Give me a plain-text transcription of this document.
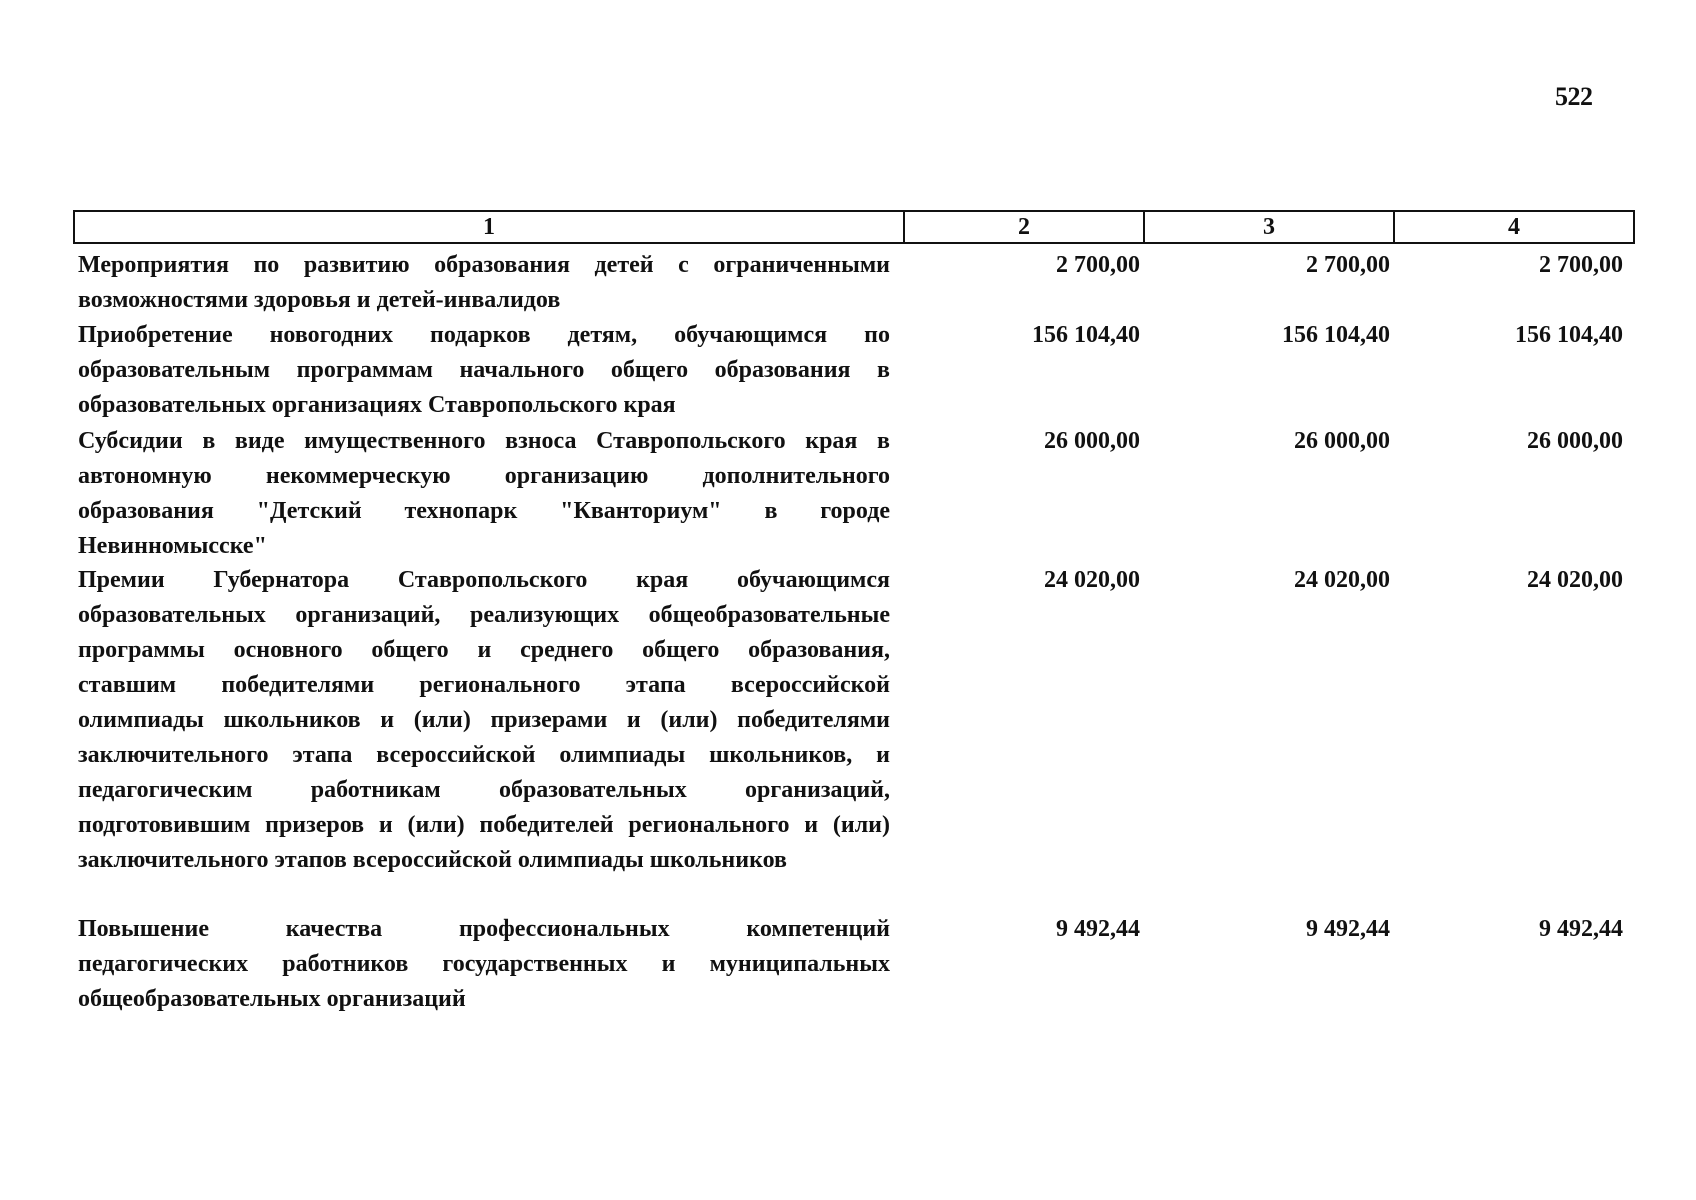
522
1	2	3	4
Мероприятия по развитию образования детей с ограниченными
возможностями здоровья и детей-инвалидов
2 700,00	2 700,00	2 700,00
Приобретение новогодних подарков детям, обучающимся по
образовательным программам начального общего образования в
образовательных организациях Ставропольского края
156 104,40	156 104,40	156 104,40
Субсидии в виде имущественного взноса Ставропольского края в
автономную некоммерческую организацию дополнительного
образования "Детский технопарк "Кванториум" в городе
Невинномысске"
26 000,00	26 000,00	26 000,00
Премии Губернатора Ставропольского края обучающимся
образовательных организаций, реализующих общеобразовательные
программы основного общего и среднего общего образования,
ставшим победителями регионального этапа всероссийской
олимпиады школьников и (или) призерами и (или) победителями
заключительного этапа всероссийской олимпиады школьников, и
педагогическим работникам образовательных организаций,
подготовившим призеров и (или) победителей регионального и (или)
заключительного этапов всероссийской олимпиады школьников
24 020,00	24 020,00	24 020,00
Повышение качества профессиональных компетенций
педагогических работников государственных и муниципальных
общеобразовательных организаций
9 492,44	9 492,44	9 492,44
